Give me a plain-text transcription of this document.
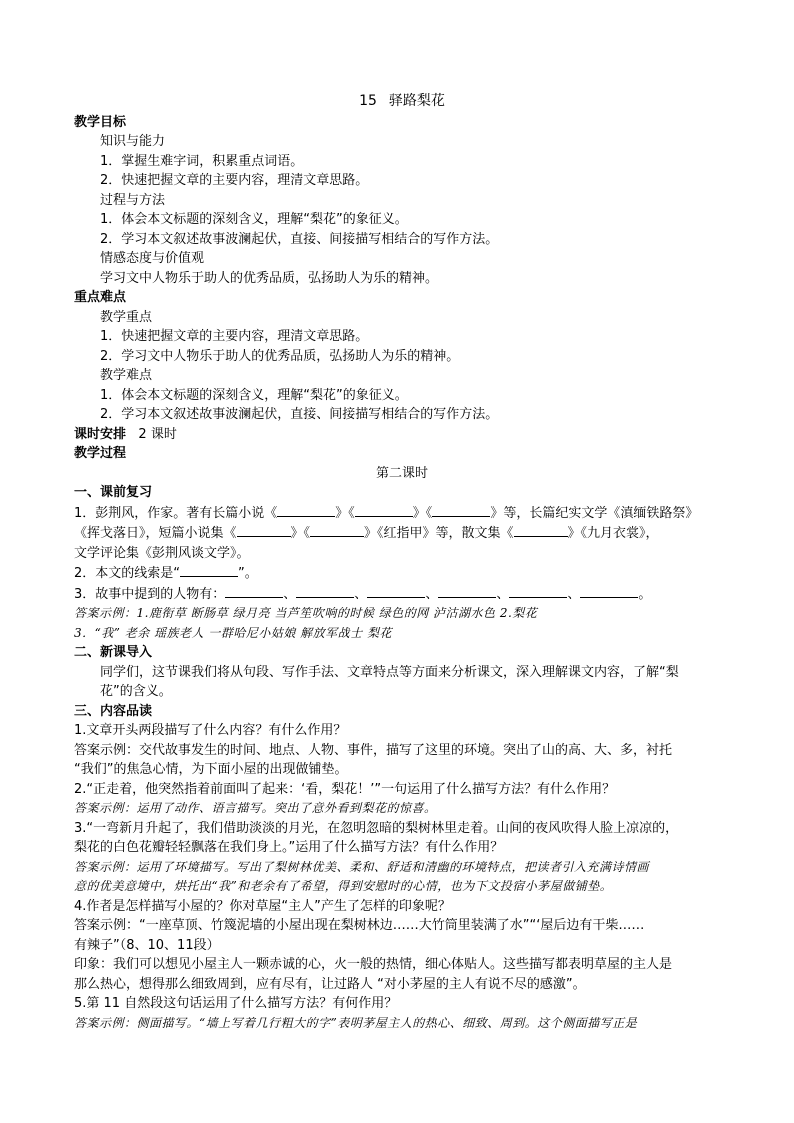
15 驿路梨花
教学目标
知识与能力
1．掌握生难字词，积累重点词语。
2．快速把握文章的主要内容，理清文章思路。
过程与方法
1．体会本文标题的深刻含义，理解“梨花”的象征义。
2．学习本文叙述故事波澜起伏，直接、间接描写相结合的写作方法。
情感态度与价值观
学习文中人物乐于助人的优秀品质，弘扬助人为乐的精神。
重点难点
教学重点
1．快速把握文章的主要内容，理清文章思路。
2．学习文中人物乐于助人的优秀品质，弘扬助人为乐的精神。
教学难点
1．体会本文标题的深刻含义，理解“梨花”的象征义。
2．学习本文叙述故事波澜起伏，直接、间接描写相结合的写作方法。
课时安排 2 课时
教学过程
第二课时
一、课前复习
1．彭荆风，作家。著有长篇小说《	》《	》《	》等，长篇纪实文学《滇缅铁路祭》
《挥戈落日》，短篇小说集《	》《	》《红指甲》等，散文集《	》《九月衣裳》，
文学评论集《彭荆风谈文学》。
2．本文的线索是“	”。
3．故事中提到的人物有：	、	、	、	、	、	。
答案示例：1.鹿衔草 断肠草 绿月亮 当芦笙吹响的时候 绿色的网 泸沽湖水色 2.梨花
3．“我” 老余 瑶族老人 一群哈尼小姑娘 解放军战士 梨花
二、新课导入
同学们，这节课我们将从句段、写作手法、文章特点等方面来分析课文，深入理解课文内容，了解“梨
花”的含义。
三、内容品读
1.文章开头两段描写了什么内容？有什么作用？
答案示例：交代故事发生的时间、地点、人物、事件，描写了这里的环境。突出了山的高、大、多，衬托
“我们”的焦急心情，为下面小屋的出现做铺垫。
2.“正走着，他突然指着前面叫了起来：‘看，梨花！’”一句运用了什么描写方法？有什么作用？
答案示例：运用了动作、语言描写。突出了意外看到梨花的惊喜。
3.“一弯新月升起了，我们借助淡淡的月光，在忽明忽暗的梨树林里走着。山间的夜风吹得人脸上凉凉的，
梨花的白色花瓣轻轻飘落在我们身上。”运用了什么描写方法？有什么作用？
答案示例：运用了环境描写。写出了梨树林优美、柔和、舒适和清幽的环境特点，把读者引入充满诗情画
意的优美意境中，烘托出“我”和老余有了希望，得到安慰时的心情，也为下文投宿小茅屋做铺垫。
4.作者是怎样描写小屋的？你对草屋“主人”产生了怎样的印象呢？
答案示例：“一座草顶、竹篾泥墙的小屋出现在梨树林边……大竹筒里装满了水”“‘屋后边有干柴……
有辣子”（8、10、11段）
印象：我们可以想见小屋主人一颗赤诚的心，火一般的热情，细心体贴人。这些描写都表明草屋的主人是
那么热心，想得那么细致周到，应有尽有，让过路人 “对小茅屋的主人有说不尽的感激”。
5.第 11 自然段这句话运用了什么描写方法？有何作用？
答案示例：侧面描写。“墙上写着几行粗大的字”表明茅屋主人的热心、细致、周到。这个侧面描写正是
